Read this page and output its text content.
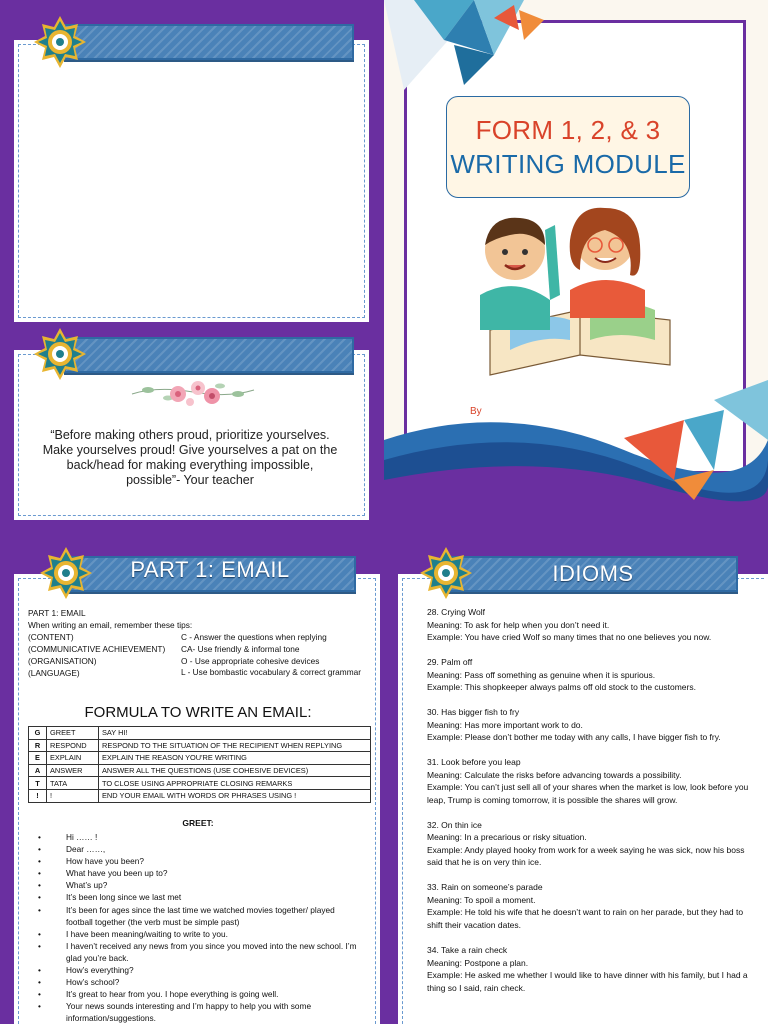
“Before making others proud, prioritize yourselves. Make yourselves proud! Give yourselves a pat on the back/head for making everything impossible, possible”- Your teacher
FORM 1, 2, & 3
WRITING MODULE
By
PART 1: EMAIL
PART 1: EMAIL
When writing an email, remember these tips:
(CONTENT)	C - Answer the questions when replying
(COMMUNICATIVE ACHIEVEMENT)	CA- Use friendly & informal tone
(ORGANISATION)	O - Use appropriate cohesive devices
(LANGUAGE)	L - Use bombastic vocabulary & correct grammar
FORMULA TO WRITE AN EMAIL:
G	GREET	SAY HI!
R	RESPOND	RESPOND TO THE SITUATION OF THE RECIPIENT WHEN REPLYING
E	EXPLAIN	EXPLAIN THE REASON YOU'RE WRITING
A	ANSWER	ANSWER ALL THE QUESTIONS (USE COHESIVE DEVICES)
T	TATA	TO CLOSE USING APPROPRIATE CLOSING REMARKS
!	!	END YOUR EMAIL WITH WORDS OR PHRASES USING !
GREET:
• Hi …… !
• Dear ……,
• How have you been?
• What have you been up to?
• What’s up?
• It’s been long since we last met
• It’s been for ages since the last time we watched movies together/ played football together (the verb must be simple past)
• I have been meaning/waiting to write to you.
• I haven’t received any news from you since you moved into the new school. I’m glad you’re back.
• How’s everything?
• How’s school?
• It’s great to hear from you. I hope everything is going well.
• Your news sounds interesting and I’m happy to help you with some information/suggestions.
IDIOMS
28. Crying Wolf
Meaning: To ask for help when you don’t need it.
Example: You have cried Wolf so many times that no one believes you now.
29. Palm off
Meaning: Pass off something as genuine when it is spurious.
Example: This shopkeeper always palms off old stock to the customers.
30. Has bigger fish to fry
Meaning: Has more important work to do.
Example: Please don’t bother me today with any calls, I have bigger fish to fry.
31. Look before you leap
Meaning: Calculate the risks before advancing towards a possibility.
Example: You can’t just sell all of your shares when the market is low, look before you leap, Trump is coming tomorrow, it is possible the shares will grow.
32. On thin ice
Meaning: In a precarious or risky situation.
Example: Andy played hooky from work for a week saying he was sick, now his boss said that he is on very thin ice.
33. Rain on someone’s parade
Meaning: To spoil a moment.
Example: He told his wife that he doesn’t want to rain on her parade, but they had to shift their vacation dates.
34. Take a rain check
Meaning: Postpone a plan.
Example: He asked me whether I would like to have dinner with his family, but I had a thing so I said, rain check.
